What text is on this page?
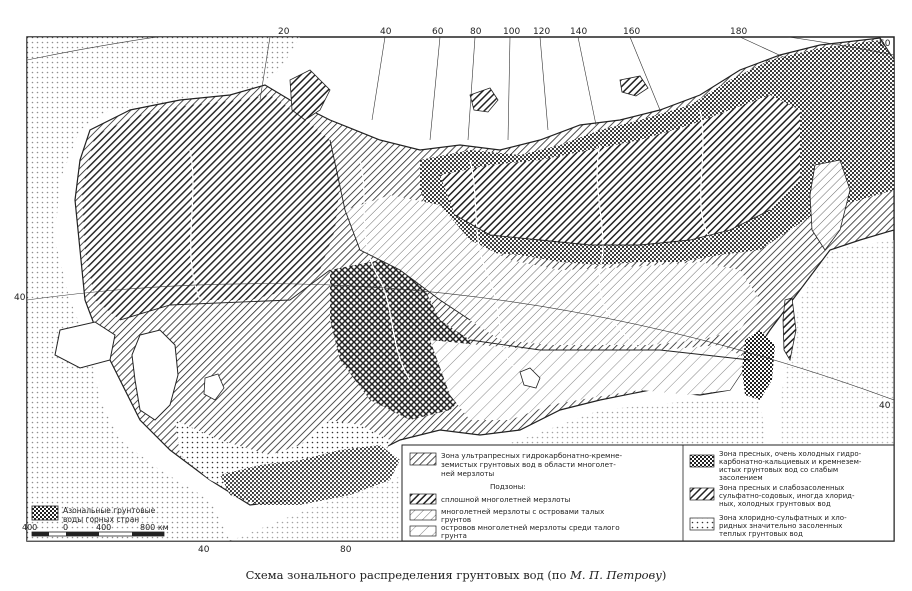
20	40	60	80 100 120 140	160	180
40	80
40
60
40
Азональные грунтовые
воды горных стран
400	0	400	800 км
Зона ультрапресных гидрокарбонатно-кремне-
земистых грунтовых вод в области многолет-
ней мерзлоты
Подзоны:
сплошной многолетней мерзлоты
многолетней мерзлоты с островами талых
грунтов
островов многолетней мерзлоты среди талого
грунта
Зона пресных, очень холодных гидро-
карбонатно-кальциевых и кремнезем-
истых грунтовых вод со слабым
засолением
Зона пресных и слабозасоленных
сульфатно-содовых, иногда хлорид-
ных, холодных грунтовых вод
Зона хлоридно-сульфатных и хло-
ридных значительно засоленных
теплых грунтовых вод
Схема зонального распределения грунтовых вод (по М. П. Петрову)
